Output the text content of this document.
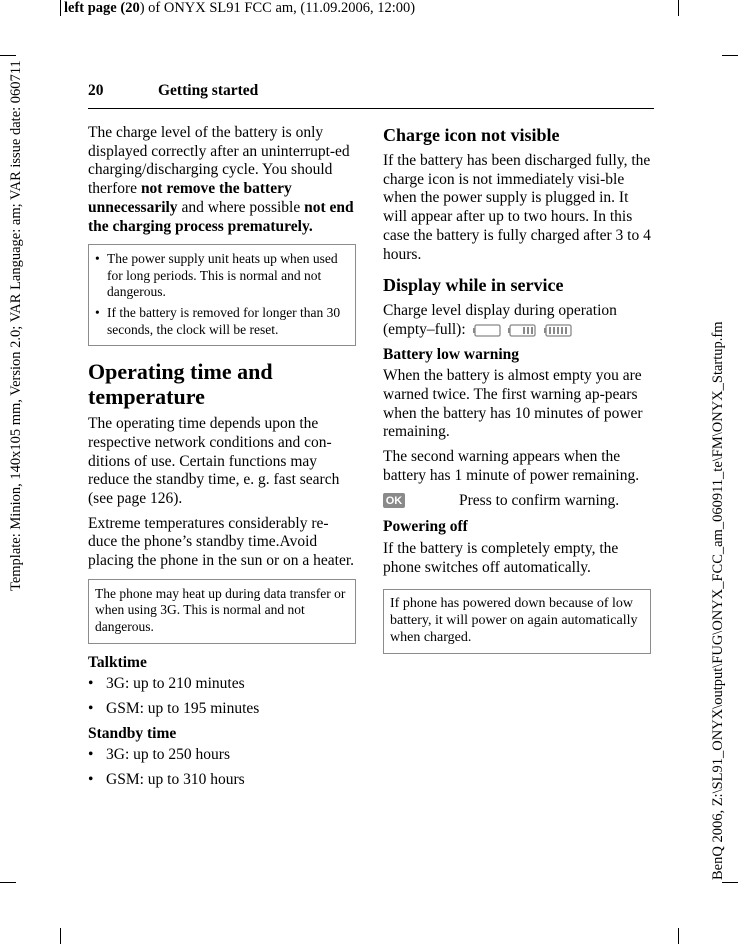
left page (20) of ONYX SL91 FCC am, (11.09.2006, 12:00)
Template: Minion, 140x105 mm, Version 2.0; VAR Language: am; VAR issue date: 060711	BenQ 2006, Z:\SL91_ONYX\output\FUG\ONYX_FCC_am_060911_te\FM\ONYX_Startup.fm
20	Getting started

The charge level of the battery is only displayed correctly after an uninterrupt-ed charging/discharging cycle. You should therfore not remove the battery unnecessarily and where possible not end the charging process prematurely.

• The power supply unit heats up when used for long periods. This is normal and not dangerous.
• If the battery is removed for longer than 30 seconds, the clock will be reset.
Operating time and temperature

The operating time depends upon the respective network conditions and con-ditions of use. Certain functions may reduce the standby time, e. g. fast search (see page 126).

Extreme temperatures considerably re-duce the phone’s standby time.Avoid placing the phone in the sun or on a heater.

The phone may heat up during data transfer or when using 3G. This is normal and not dangerous.
Talktime
• 3G: up to 210 minutes
• GSM: up to 195 minutes
Standby time
• 3G: up to 250 hours
• GSM: up to 310 hours
Charge icon not visible

If the battery has been discharged fully, the charge icon is not immediately visi-ble when the power supply is plugged in. It will appear after up to two hours. In this case the battery is fully charged after 3 to 4 hours.

Display while in service

Charge level display during operation
(empty–full):

Battery low warning

When the battery is almost empty you are warned twice. The first warning ap-pears when the battery has 10 minutes of power remaining.

The second warning appears when the battery has 1 minute of power remaining.

OK	Press to confirm warning.
Powering off

If the battery is completely empty, the phone switches off automatically.

If phone has powered down because of low battery, it will power on again automatically when charged.
